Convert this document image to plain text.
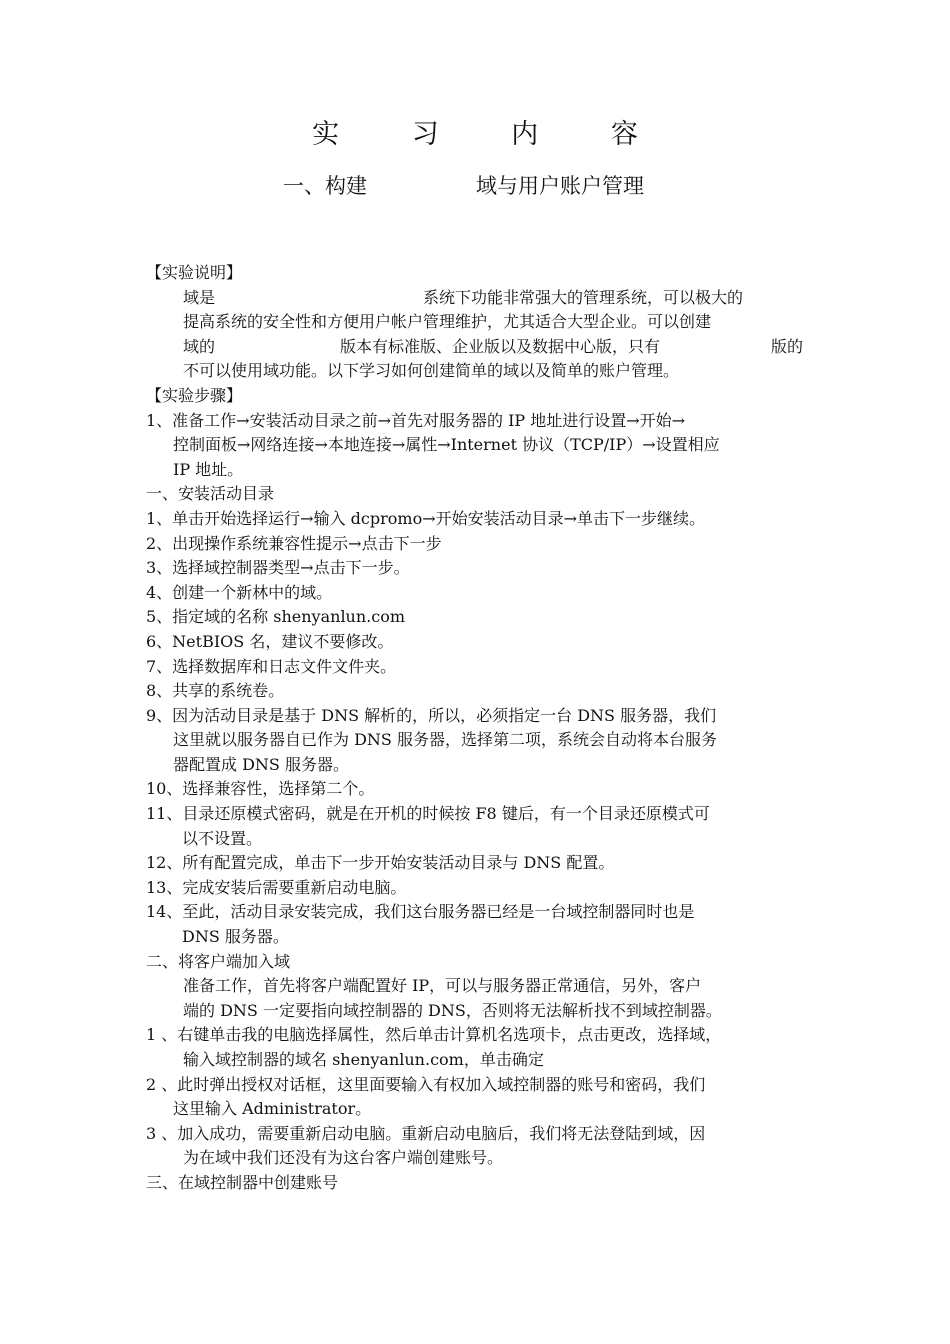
实 习 内 容
一、构建	域与用户账户管理
【实验说明】
域是	系统下功能非常强大的管理系统，可以极大的
提高系统的安全性和方便用户帐户管理维护，尤其适合大型企业。可以创建
域的	版本有标准版、企业版以及数据中心版，只有	版的
不可以使用域功能。以下学习如何创建简单的域以及简单的账户管理。
【实验步骤】
1、准备工作→安装活动目录之前→首先对服务器的 IP 地址进行设置→开始→
控制面板→网络连接→本地连接→属性→Internet 协议（TCP/IP）→设置相应
IP 地址。
一、安装活动目录
1、单击开始选择运行→输入 dcpromo→开始安装活动目录→单击下一步继续。
2、出现操作系统兼容性提示→点击下一步
3、选择域控制器类型→点击下一步。
4、创建一个新林中的域。
5、指定域的名称 shenyanlun.com
6、NetBIOS 名，建议不要修改。
7、选择数据库和日志文件文件夹。
8、共享的系统卷。
9、因为活动目录是基于 DNS 解析的，所以，必须指定一台 DNS 服务器，我们
这里就以服务器自已作为 DNS 服务器，选择第二项，系统会自动将本台服务
器配置成 DNS 服务器。
10、选择兼容性，选择第二个。
11、目录还原模式密码，就是在开机的时候按 F8 键后，有一个目录还原模式可
以不设置。
12、所有配置完成，单击下一步开始安装活动目录与 DNS 配置。
13、完成安装后需要重新启动电脑。
14、至此，活动目录安装完成，我们这台服务器已经是一台域控制器同时也是
DNS 服务器。
二、将客户端加入域
准备工作，首先将客户端配置好 IP，可以与服务器正常通信，另外，客户
端的 DNS 一定要指向域控制器的 DNS，否则将无法解析找不到域控制器。
1 、右键单击我的电脑选择属性，然后单击计算机名选项卡，点击更改，选择域，
输入域控制器的域名 shenyanlun.com，单击确定
2 、此时弹出授权对话框，这里面要输入有权加入域控制器的账号和密码，我们
这里输入 Administrator。
3 、加入成功，需要重新启动电脑。重新启动电脑后，我们将无法登陆到域，因
为在域中我们还没有为这台客户端创建账号。
三、在域控制器中创建账号
